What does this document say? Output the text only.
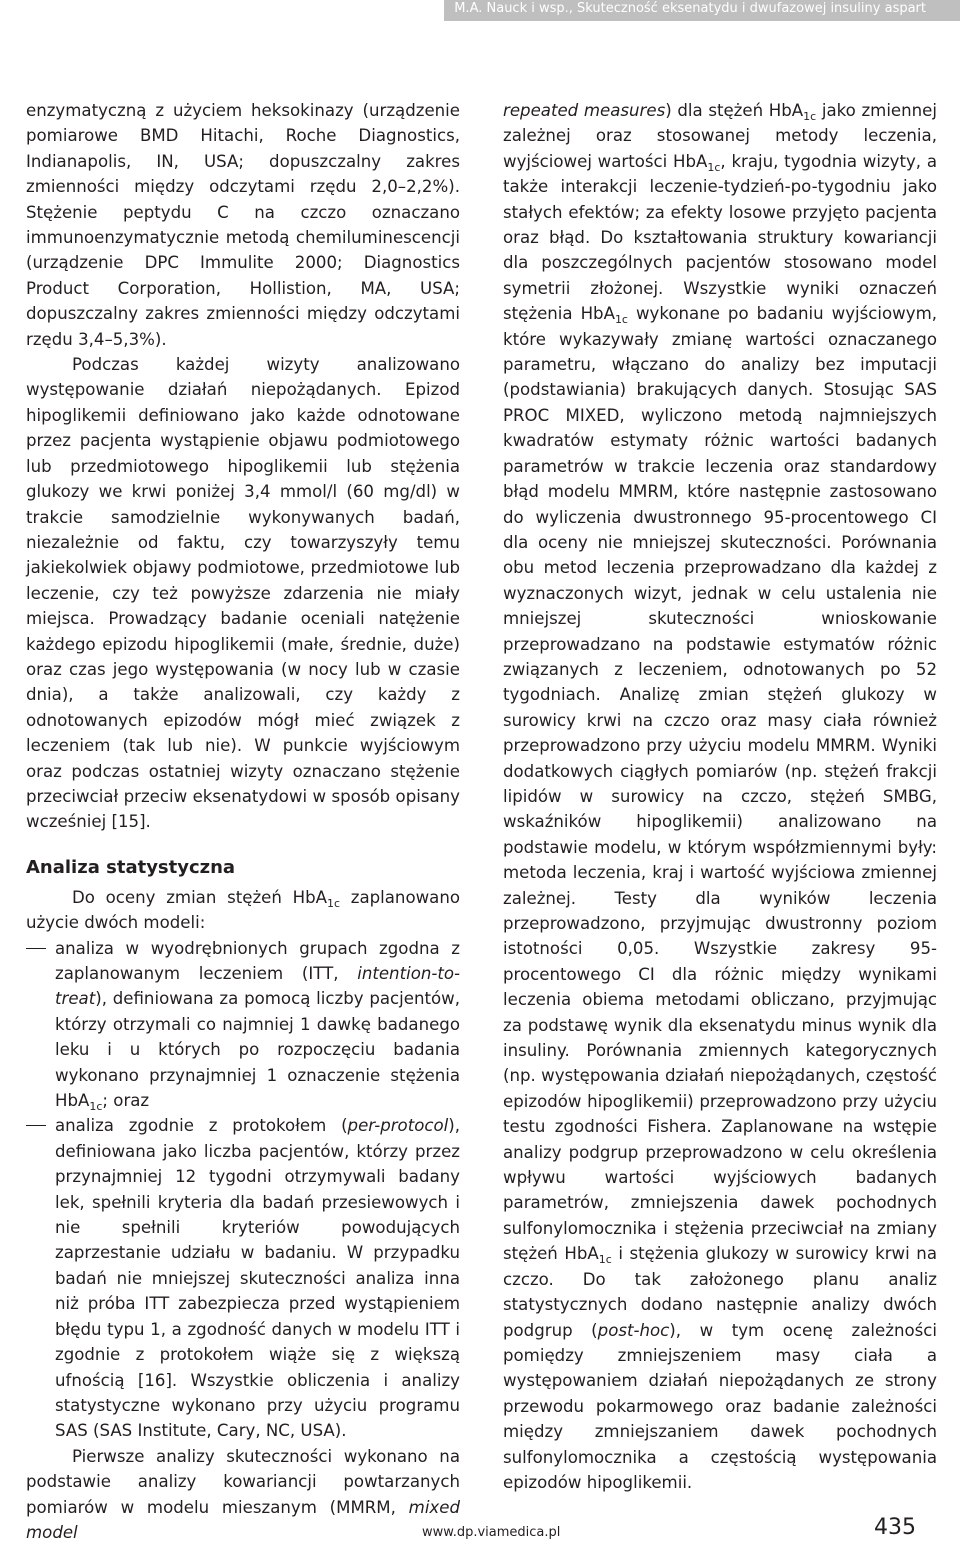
M.A. Nauck i wsp., Skuteczność eksenatydu i dwufazowej insuliny aspart

enzymatyczną z użyciem heksokinazy (urządzenie pomiarowe BMD Hitachi, Roche Diagnostics, Indianapolis, IN, USA; dopuszczalny zakres zmienności między odczytami rzędu 2,0–2,2%). Stężenie peptydu C na czczo oznaczano immunoenzymatycznie metodą chemiluminescencji (urządzenie DPC Immulite 2000; Diagnostics Product Corporation, Hollistion, MA, USA; dopuszczalny zakres zmienności między odczytami rzędu 3,4–5,3%).

Podczas każdej wizyty analizowano występowanie działań niepożądanych. Epizod hipoglikemii definiowano jako każde odnotowane przez pacjenta wystąpienie objawu podmiotowego lub przedmiotowego hipoglikemii lub stężenia glukozy we krwi poniżej 3,4 mmol/l (60 mg/dl) w trakcie samodzielnie wykonywanych badań, niezależnie od faktu, czy towarzyszyły temu jakiekolwiek objawy podmiotowe, przedmiotowe lub leczenie, czy też powyższe zdarzenia nie miały miejsca. Prowadzący badanie oceniali natężenie każdego epizodu hipoglikemii (małe, średnie, duże) oraz czas jego występowania (w nocy lub w czasie dnia), a także analizowali, czy każdy z odnotowanych epizodów mógł mieć związek z leczeniem (tak lub nie). W punkcie wyjściowym oraz podczas ostatniej wizyty oznaczano stężenie przeciwciał przeciw eksenatydowi w sposób opisany wcześniej [15].

Analiza statystyczna

Do oceny zmian stężeń HbA$_{1c}$ zaplanowano użycie dwóch modeli:

analiza w wyodrębnionych grupach zgodna z zaplanowanym leczeniem (ITT, intention-to-treat), definiowana za pomocą liczby pacjentów, którzy otrzymali co najmniej 1 dawkę badanego leku i u których po rozpoczęciu badania wykonano przynajmniej 1 oznaczenie stężenia HbA$_{1c}$; oraz
analiza zgodnie z protokołem (per-protocol), definiowana jako liczba pacjentów, którzy przez przynajmniej 12 tygodni otrzymywali badany lek, spełnili kryteria dla badań przesiewowych i nie spełnili kryteriów powodujących zaprzestanie udziału w badaniu. W przypadku badań nie mniejszej skuteczności analiza inna niż próba ITT zabezpiecza przed wystąpieniem błędu typu 1, a zgodność danych w modelu ITT i zgodnie z protokołem wiąże się z większą ufnością [16]. Wszystkie obliczenia i analizy statystyczne wykonano przy użyciu programu SAS (SAS Institute, Cary, NC, USA).

Pierwsze analizy skuteczności wykonano na podstawie analizy kowariancji powtarzanych pomiarów w modelu mieszanym (MMRM, mixed model

repeated measures) dla stężeń HbA$_{1c}$ jako zmiennej zależnej oraz stosowanej metody leczenia, wyjściowej wartości HbA$_{1c}$, kraju, tygodnia wizyty, a także interakcji leczenie-tydzień-po-tygodniu jako stałych efektów; za efekty losowe przyjęto pacjenta oraz błąd. Do kształtowania struktury kowariancji dla poszczególnych pacjentów stosowano model symetrii złożonej. Wszystkie wyniki oznaczeń stężenia HbA$_{1c}$ wykonane po badaniu wyjściowym, które wykazywały zmianę wartości oznaczanego parametru, włączano do analizy bez imputacji (podstawiania) brakujących danych. Stosując SAS PROC MIXED, wyliczono metodą najmniejszych kwadratów estymaty różnic wartości badanych parametrów w trakcie leczenia oraz standardowy błąd modelu MMRM, które następnie zastosowano do wyliczenia dwustronnego 95-procentowego CI dla oceny nie mniejszej skuteczności. Porównania obu metod leczenia przeprowadzano dla każdej z wyznaczonych wizyt, jednak w celu ustalenia nie mniejszej skuteczności wnioskowanie przeprowadzano na podstawie estymatów różnic związanych z leczeniem, odnotowanych po 52 tygodniach. Analizę zmian stężeń glukozy w surowicy krwi na czczo oraz masy ciała również przeprowadzono przy użyciu modelu MMRM. Wyniki dodatkowych ciągłych pomiarów (np. stężeń frakcji lipidów w surowicy na czczo, stężeń SMBG, wskaźników hipoglikemii) analizowano na podstawie modelu, w którym współzmiennymi były: metoda leczenia, kraj i wartość wyjściowa zmiennej zależnej. Testy dla wyników leczenia przeprowadzono, przyjmując dwustronny poziom istotności 0,05. Wszystkie zakresy 95-procentowego CI dla różnic między wynikami leczenia obiema metodami obliczano, przyjmując za podstawę wynik dla eksenatydu minus wynik dla insuliny. Porównania zmiennych kategorycznych (np. występowania działań niepożądanych, częstość epizodów hipoglikemii) przeprowadzono przy użyciu testu zgodności Fishera. Zaplanowane na wstępie analizy podgrup przeprowadzono w celu określenia wpływu wartości wyjściowych badanych parametrów, zmniejszenia dawek pochodnych sulfonylomocznika i stężenia przeciwciał na zmiany stężeń HbA$_{1c}$ i stężenia glukozy w surowicy krwi na czczo. Do tak założonego planu analiz statystycznych dodano następnie analizy dwóch podgrup (post-hoc), w tym ocenę zależności pomiędzy zmniejszeniem masy ciała a występowaniem działań niepożądanych ze strony przewodu pokarmowego oraz badanie zależności między zmniejszaniem dawek pochodnych sulfonylomocznika a częstością występowania epizodów hipoglikemii.

www.dp.viamedica.pl	435
